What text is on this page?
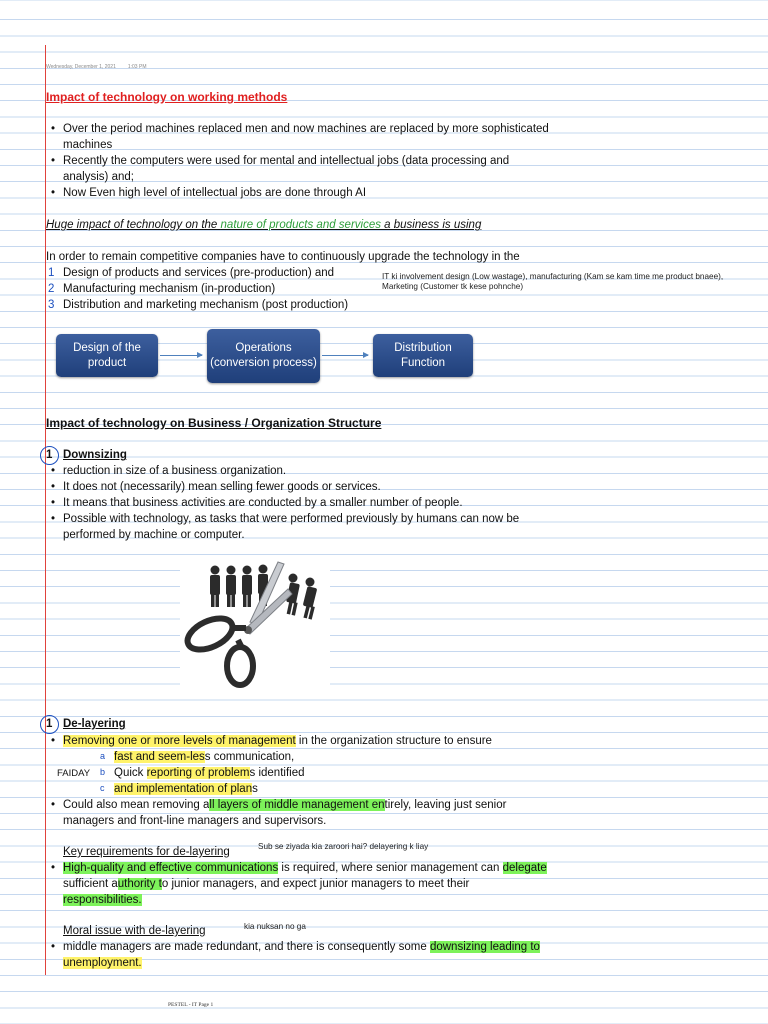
Wednesday, December 1, 2021 1:03 PM
Impact of technology on working methods
• Over the period machines replaced men and now machines are replaced by more sophisticated
machines
• Recently the computers were used for mental and intellectual jobs (data processing and
analysis) and;
• Now Even high level of intellectual jobs are done through AI
Huge impact of technology on the nature of products and services a business is using
In order to remain competitive companies have to continuously upgrade the technology in the
1 Design of products and services (pre-production) and
2 Manufacturing mechanism (in-production)
3 Distribution and marketing mechanism (post production)
IT ki involvement design (Low wastage), manufacturing (Kam se kam time me product bnaee), Marketing (Customer tk kese pohnche)
Design of the product
Operations (conversion process)
Distribution Function
Impact of technology on Business / Organization Structure
1 Downsizing
• reduction in size of a business organization.
• It does not (necessarily) mean selling fewer goods or services.
• It means that business activities are conducted by a smaller number of people.
• Possible with technology, as tasks that were performed previously by humans can now be
performed by machine or computer.
1 De-layering
• Removing one or more levels of management in the organization structure to ensure
FAIDAY
a fast and seem-less communication,
b Quick reporting of problems identified
c and implementation of plans
• Could also mean removing all layers of middle management entirely, leaving just senior
managers and front-line managers and supervisors.
Sub se ziyada kia zaroori hai? delayering k liay
Key requirements for de-layering
• High-quality and effective communications is required, where senior management can delegate
sufficient authority to junior managers, and expect junior managers to meet their
responsibilities.
kia nuksan no ga
Moral issue with de-layering
• middle managers are made redundant, and there is consequently some downsizing leading to
unemployment.
PESTEL - IT Page 1
